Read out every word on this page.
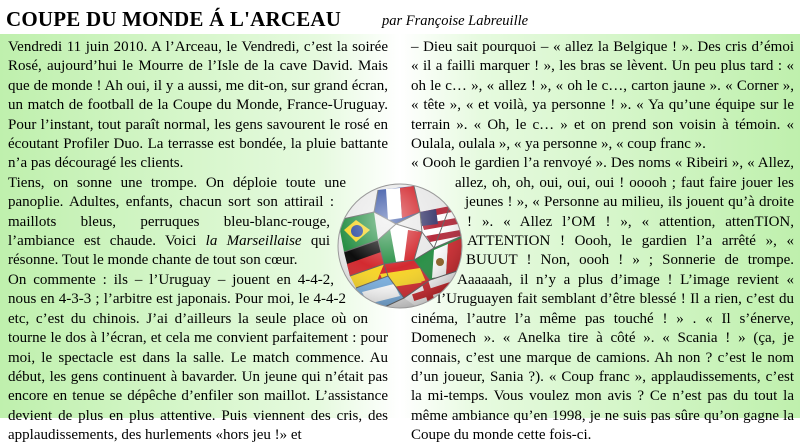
COUPE DU MONDE Á L'ARCEAU	par Françoise Labreuille

Vendredi 11 juin 2010. A l’Arceau, le Vendredi, c’est la soirée Rosé, aujourd’hui le Mourre de l’Isle de la cave David. Mais que de monde ! Ah oui, il y a aussi, me dit-on, sur grand écran, un match de football de la Coupe du Monde, France-Uruguay. Pour l’instant, tout paraît normal, les gens savourent le rosé en écoutant Profiler Duo. La terrasse est bondée, la pluie battante n’a pas découragé les clients.

Tiens, on sonne une trompe. On déploie toute une panoplie. Adultes, enfants, chacun sort son attirail : maillots bleus, perruques bleu-blanc-rouge, l’ambiance est chaude. Voici la Marseillaise qui résonne. Tout le monde chante de tout son cœur.

On commente : ils – l’Uruguay – jouent en 4-4-2, nous en 4-3-3 ; l’arbitre est japonais. Pour moi, le 4-4-2 etc, c’est du chinois. J’ai d’ailleurs la seule place où on tourne le dos à l’écran, et cela me convient parfaitement : pour moi, le spectacle est dans la salle. Le match commence. Au début, les gens continuent à bavarder. Un jeune qui n’était pas encore en tenue se dépêche d’enfiler son maillot. L’assistance devient de plus en plus attentive. Puis viennent des cris, des applaudissements, des hurlements «hors jeu !» et

– Dieu sait pourquoi – « allez la Belgique ! ». Des cris d’émoi « il a failli marquer ! », les bras se lèvent. Un peu plus tard : « oh le c… », « allez ! », « oh le c…, carton jaune ». « Corner », « tête », « et voilà, ya personne ! ». « Ya qu’une équipe sur le terrain ». « Oh, le c… » et on prend son voisin à témoin. « Oulala, oulala », « ya personne », « coup franc ».

« Oooh le gardien l’a renvoyé ». Des noms « Ribeiri », « Allez, allez, oh, oh, oui, oui, oui ! ooooh ; faut faire jouer les jeunes ! », « Personne au milieu, ils jouent qu’à droite ! ». « Allez l’OM ! », « attention, attenTION, ATTENTION ! Oooh, le gardien l’a arrêté », « BUUUT ! Non, oooh ! » ; Sonnerie de trompe. Aaaaaah, il n’y a plus d’image ! L’image revient « l’Uruguayen fait semblant d’être blessé ! Il a rien, c’est du cinéma, l’autre l’a même pas touché ! » . « Il s’énerve, Domenech ». « Anelka tire à côté ». « Scania ! » (ça, je connais, c’est une marque de camions. Ah non ? c’est le nom d’un joueur, Sania ?). « Coup franc », applaudissements, c’est la mi-temps. Vous voulez mon avis ? Ce n’est pas du tout la même ambiance qu’en 1998, je ne suis pas sûre qu’on gagne la Coupe du monde cette fois-ci.
